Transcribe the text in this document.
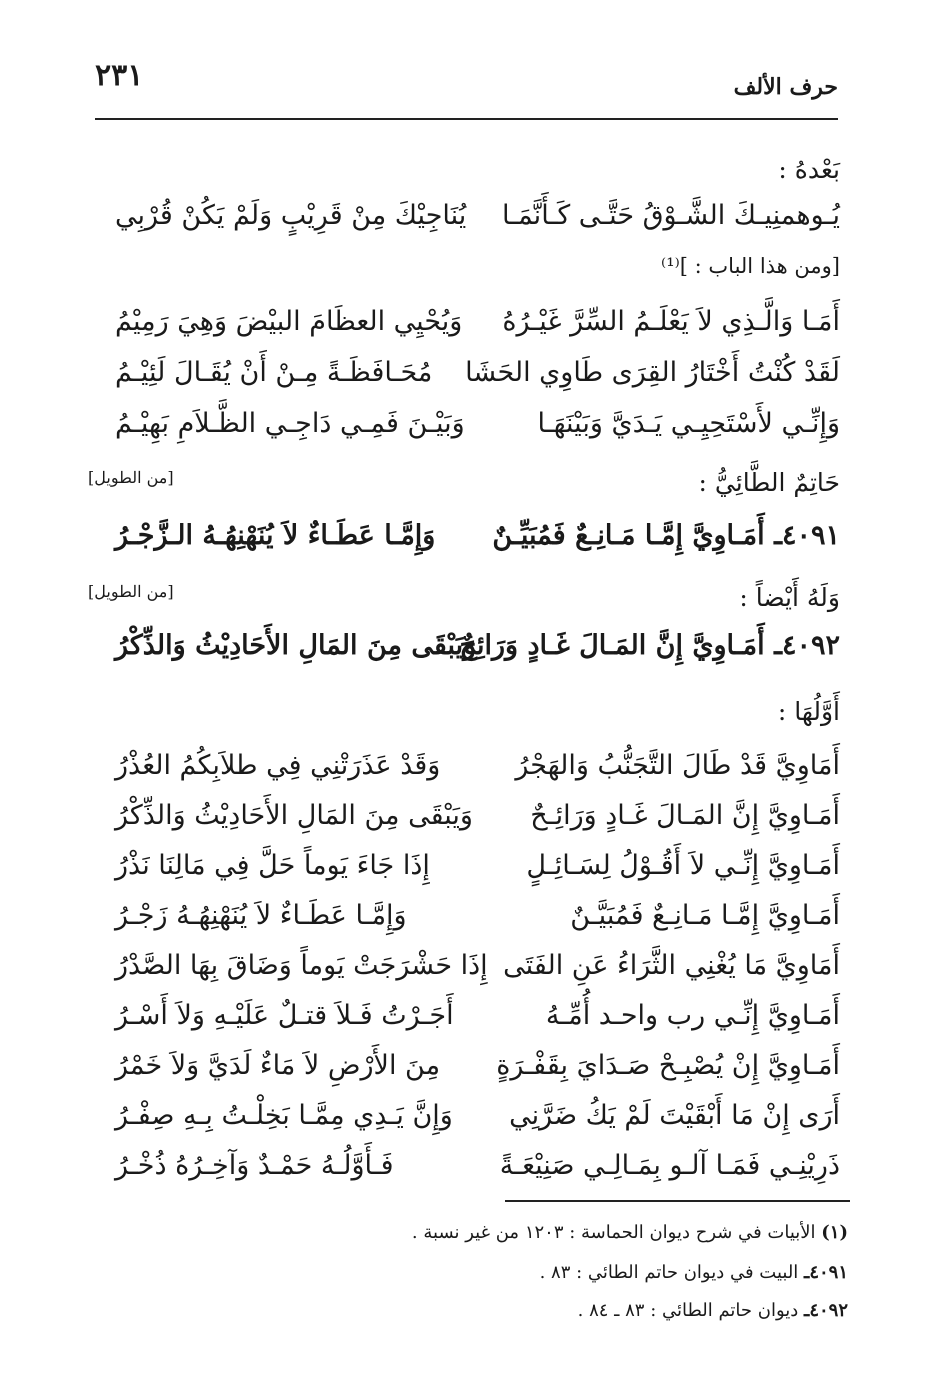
حرف الألف
٢٣١
بَعْدهُ :
يُـوهمنِيـكَ الشَّـوْقُ حَتَّـى كَـأَنَّمَـا
يُنَاجِيْكَ مِنْ قَرِيْبٍ وَلَمْ يَكُنْ قُرْبِي
[ومن هذا الباب : ]⁽¹⁾
أَمَـا وَالَّـذِي لاَ يَعْلَـمُ السِّرَّ غَيْـرُهُ
وَيُحْيِي العظَامَ البيْضَ وَهِيَ رَمِيْمُ
لَقَدْ كُنْتُ أَخْتَارُ القِرَى طَاوِي الحَشَا
مُحَـافَظَـةً مِـنْ أَنْ يُقَـالَ لَئِيْـمُ
وَإِنِّـي لأَسْتَحِيِـي يَـدَيَّ وَبَيْنَهَـا
وَبَيْـنَ فَمِـي دَاجِـي الظَّـلاَمِ بَهِيْـمُ
حَاتِمٌ الطَّائِيُّ :
[من الطويل]
٤٠٩١ـ أَمَـاوِيَّ إِمَّـا مَـانِـعٌ فَمُبَيِّـنٌ
وَإِمَّـا عَطَـاءٌ لاَ يُنَهْنِهُـهُ الـزَّجْـرُ
وَلَهُ أَيْضاً :
[من الطويل]
٤٠٩٢ـ أَمَـاوِيَّ إِنَّ المَـالَ غَـادٍ وَرَائِحٌ
وَيَبْقَى مِنَ المَالِ الأَحَادِيْثُ وَالذِّكْرُ
أَوَّلُهَا :
أَمَاوِيَّ قَدْ طَالَ التَّجَنُّبُ وَالهَجْرُ
وَقَدْ عَذَرَتْنِي فِي طلاَبِكُمُ العُذْرُ
أَمَـاوِيَّ إِنَّ المَـالَ غَـادٍ وَرَائِـحٌ
وَيَبْقَى مِنَ المَالِ الأَحَادِيْثُ وَالذِّكْرُ
أَمَـاوِيَّ إِنِّـي لاَ أَقُـوْلُ لِسَـائِـلٍ
إِذَا جَاءَ يَوماً حَلَّ فِي مَالِنَا نَذْرُ
أَمَـاوِيَّ إِمَّـا مَـانِـعٌ فَمُبَيَّـنٌ
وَإِمَّـا عَطَـاءٌ لاَ يُنَهْنِهُـهُ زَجْـرُ
أَمَاوِيَّ مَا يُغْنِي الثَّرَاءُ عَنِ الفَتَى
إِذَا حَشْرَجَتْ يَوماً وَضَاقَ بِهَا الصَّدْرُ
أَمَـاوِيَّ إِنِّـي رب واحـد أُمِّـهُ
أَجَـرْتُ فَـلاَ قتـلٌ عَلَيْـهِ وَلاَ أَسْـرُ
أَمَـاوِيَّ إِنْ يُصْبِـحْ صَـدَايَ بِقَفْـرَةٍ
مِنَ الأَرْضِ لاَ مَاءٌ لَدَيَّ وَلاَ خَمْرُ
أَرَى إِنْ مَا أَبْقَيْتَ لَمْ يَكُ ضَرَّنِي
وَإِنَّ يَـدِي مِمَّـا بَخِلْـتُ بِـهِ صِفْـرُ
ذَرِيْنِـي فَمَـا آلـو بِمَـالِـي صَنِيْعَـةً
فَـأَوَّلُـهُ حَمْـدٌ وَآخِـرُهُ ذُخْـرُ
(١) الأبيات في شرح ديوان الحماسة : ١٢٠٣ من غير نسبة .
٤٠٩١ـ البيت في ديوان حاتم الطائي : ٨٣ .
٤٠٩٢ـ ديوان حاتم الطائي : ٨٣ ـ ٨٤ .
